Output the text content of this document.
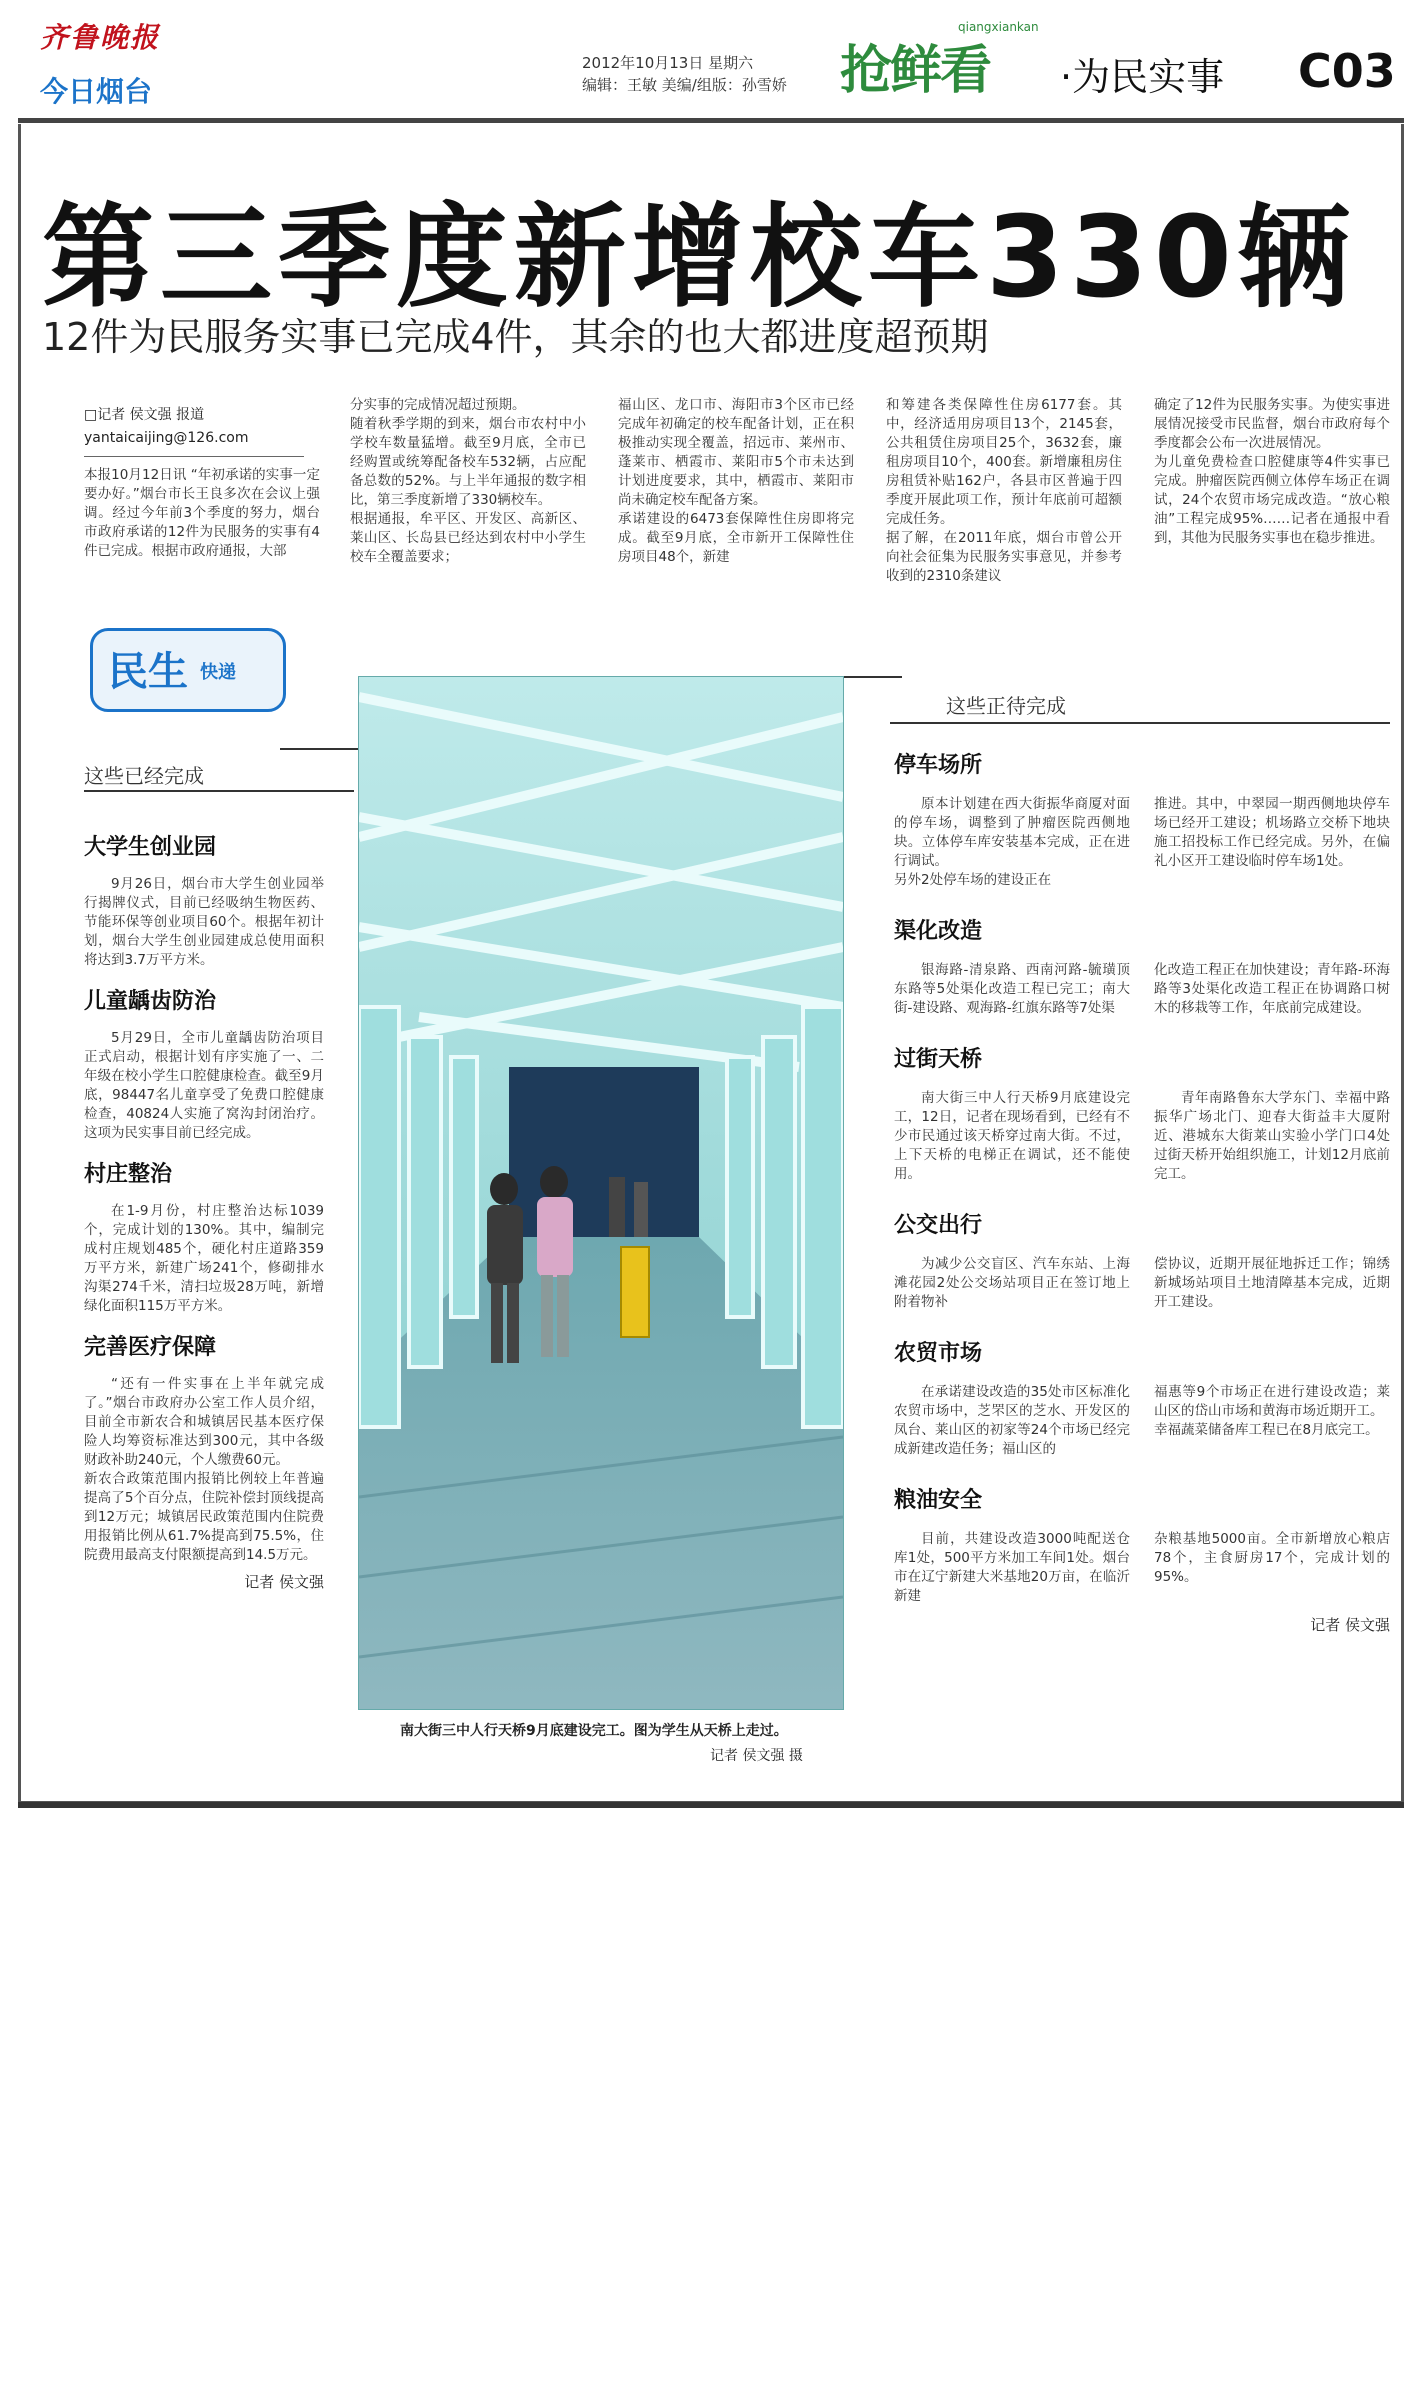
齐鲁晚报
今日烟台
2012年10月13日 星期六
编辑：王敏 美编/组版：孙雪娇
qiangxiankan
抢鲜看 ·为民实事 C03
第三季度新增校车330辆
12件为民服务实事已完成4件，其余的也大都进度超预期
□记者 侯文强 报道
yantaicaijing@126.com
本报10月12日讯 “年初承诺的实事一定要办好。”烟台市长王良多次在会议上强调。经过今年前3个季度的努力，烟台市政府承诺的12件为民服务的实事有4件已完成。根据市政府通报，大部
分实事的完成情况超过预期。
随着秋季学期的到来，烟台市农村中小学校车数量猛增。截至9月底，全市已经购置或统筹配备校车532辆，占应配备总数的52%。与上半年通报的数字相比，第三季度新增了330辆校车。
根据通报，牟平区、开发区、高新区、莱山区、长岛县已经达到农村中小学生校车全覆盖要求；
福山区、龙口市、海阳市3个区市已经完成年初确定的校车配备计划，正在积极推动实现全覆盖，招远市、莱州市、蓬莱市、栖霞市、莱阳市5个市未达到计划进度要求，其中，栖霞市、莱阳市尚未确定校车配备方案。
承诺建设的6473套保障性住房即将完成。截至9月底，全市新开工保障性住房项目48个，新建
和筹建各类保障性住房6177套。其中，经济适用房项目13个，2145套，公共租赁住房项目25个，3632套，廉租房项目10个，400套。新增廉租房住房租赁补贴162户，各县市区普遍于四季度开展此项工作，预计年底前可超额完成任务。
据了解，在2011年底，烟台市曾公开向社会征集为民服务实事意见，并参考收到的2310条建议
确定了12件为民服务实事。为使实事进展情况接受市民监督，烟台市政府每个季度都会公布一次进展情况。
为儿童免费检查口腔健康等4件实事已完成。肿瘤医院西侧立体停车场正在调试，24个农贸市场完成改造。“放心粮油”工程完成95%……记者在通报中看到，其他为民服务实事也在稳步推进。
民生 快递
这些已经完成
这些正待完成
大学生创业园
9月26日，烟台市大学生创业园举行揭牌仪式，目前已经吸纳生物医药、节能环保等创业项目60个。根据年初计划，烟台大学生创业园建成总使用面积将达到3.7万平方米。
儿童龋齿防治
5月29日，全市儿童龋齿防治项目正式启动，根据计划有序实施了一、二年级在校小学生口腔健康检查。截至9月底，98447名儿童享受了免费口腔健康检查，40824人实施了窝沟封闭治疗。这项为民实事目前已经完成。
村庄整治
在1-9月份，村庄整治达标1039个，完成计划的130%。其中，编制完成村庄规划485个，硬化村庄道路359万平方米，新建广场241个，修砌排水沟渠274千米，清扫垃圾28万吨，新增绿化面积115万平方米。
完善医疗保障
“还有一件实事在上半年就完成了。”烟台市政府办公室工作人员介绍，目前全市新农合和城镇居民基本医疗保险人均筹资标准达到300元，其中各级财政补助240元，个人缴费60元。
新农合政策范围内报销比例较上年普遍提高了5个百分点，住院补偿封顶线提高到12万元；城镇居民政策范围内住院费用报销比例从61.7%提高到75.5%，住院费用最高支付限额提高到14.5万元。
记者 侯文强
南大街三中人行天桥9月底建设完工。图为学生从天桥上走过。
记者 侯文强 摄
停车场所
原本计划建在西大街振华商厦对面的停车场，调整到了肿瘤医院西侧地块。立体停车库安装基本完成，正在进行调试。
另外2处停车场的建设正在
推进。其中，中翠园一期西侧地块停车场已经开工建设；机场路立交桥下地块施工招投标工作已经完成。另外，在偏礼小区开工建设临时停车场1处。
渠化改造
银海路-清泉路、西南河路-毓璜顶东路等5处渠化改造工程已完工；南大街-建设路、观海路-红旗东路等7处渠
化改造工程正在加快建设；青年路-环海路等3处渠化改造工程正在协调路口树木的移栽等工作，年底前完成建设。
过街天桥
南大街三中人行天桥9月底建设完工，12日，记者在现场看到，已经有不少市民通过该天桥穿过南大街。不过，上下天桥的电梯正在调试，还不能使用。
青年南路鲁东大学东门、幸福中路振华广场北门、迎春大街益丰大厦附近、港城东大街莱山实验小学门口4处过街天桥开始组织施工，计划12月底前完工。
公交出行
为减少公交盲区、汽车东站、上海滩花园2处公交场站项目正在签订地上附着物补
偿协议，近期开展征地拆迁工作；锦绣新城场站项目土地清障基本完成，近期开工建设。
农贸市场
在承诺建设改造的35处市区标准化农贸市场中，芝罘区的芝水、开发区的凤台、莱山区的初家等24个市场已经完成新建改造任务；福山区的
福惠等9个市场正在进行建设改造；莱山区的岱山市场和黄海市场近期开工。
幸福蔬菜储备库工程已在8月底完工。
粮油安全
目前，共建设改造3000吨配送仓库1处，500平方米加工车间1处。烟台市在辽宁新建大米基地20万亩，在临沂新建
杂粮基地5000亩。全市新增放心粮店78个，主食厨房17个，完成计划的95%。
记者 侯文强
